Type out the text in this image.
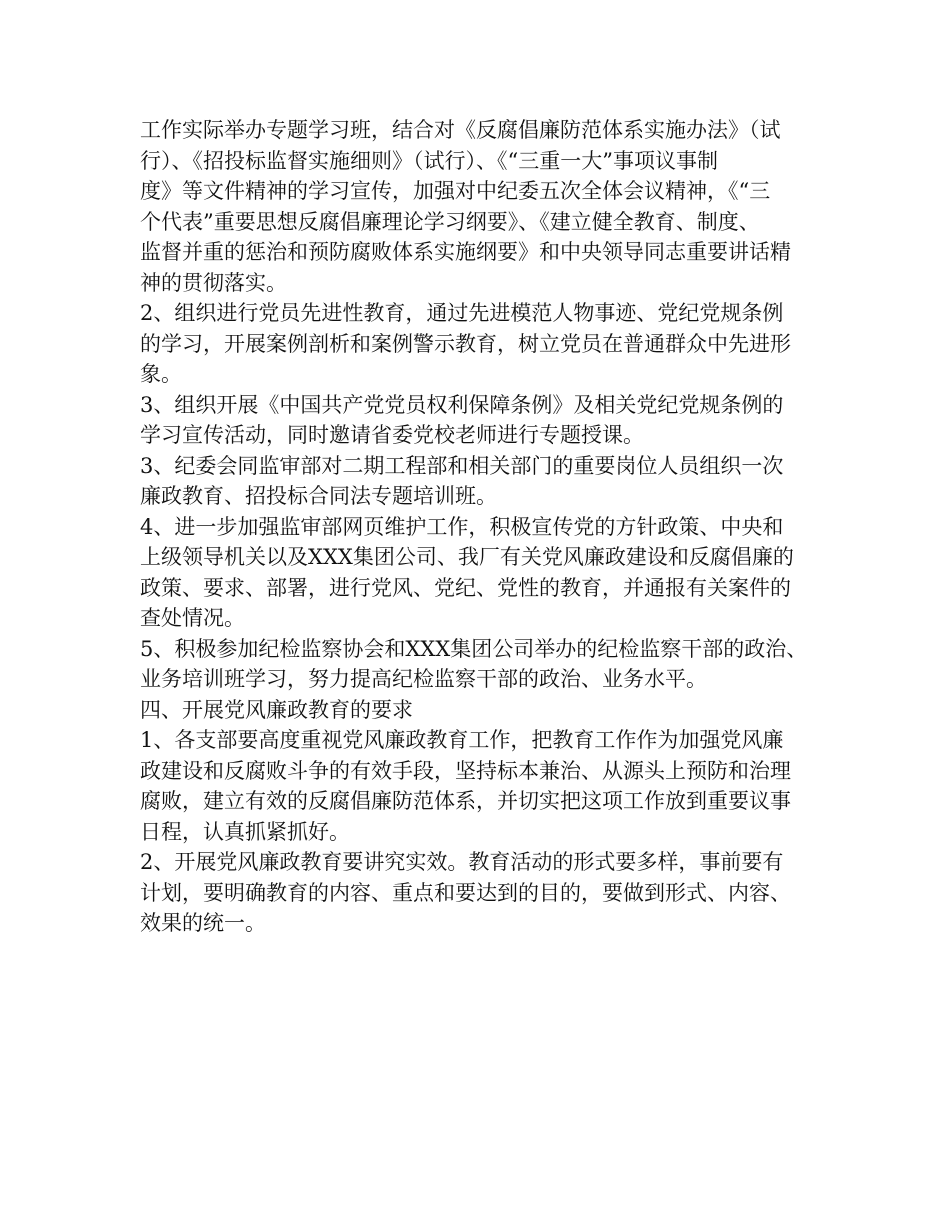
工作实际举办专题学习班，结合对《反腐倡廉防范体系实施办法》（试
行）、《招投标监督实施细则》（试行）、《“三重一大”事项议事制
度》等文件精神的学习宣传，加强对中纪委五次全体会议精神，《“三
个代表”重要思想反腐倡廉理论学习纲要》、《建立健全教育、制度、
监督并重的惩治和预防腐败体系实施纲要》和中央领导同志重要讲话精
神的贯彻落实。
2、组织进行党员先进性教育，通过先进模范人物事迹、党纪党规条例
的学习，开展案例剖析和案例警示教育，树立党员在普通群众中先进形
象。
3、组织开展《中国共产党党员权利保障条例》及相关党纪党规条例的
学习宣传活动，同时邀请省委党校老师进行专题授课。
3、纪委会同监审部对二期工程部和相关部门的重要岗位人员组织一次
廉政教育、招投标合同法专题培训班。
4、进一步加强监审部网页维护工作，积极宣传党的方针政策、中央和
上级领导机关以及XXX集团公司、我厂有关党风廉政建设和反腐倡廉的
政策、要求、部署，进行党风、党纪、党性的教育，并通报有关案件的
查处情况。
5、积极参加纪检监察协会和XXX集团公司举办的纪检监察干部的政治、
业务培训班学习，努力提高纪检监察干部的政治、业务水平。
四、开展党风廉政教育的要求
1、各支部要高度重视党风廉政教育工作，把教育工作作为加强党风廉
政建设和反腐败斗争的有效手段，坚持标本兼治、从源头上预防和治理
腐败，建立有效的反腐倡廉防范体系，并切实把这项工作放到重要议事
日程，认真抓紧抓好。
2、开展党风廉政教育要讲究实效。教育活动的形式要多样，事前要有
计划，要明确教育的内容、重点和要达到的目的，要做到形式、内容、
效果的统一。
